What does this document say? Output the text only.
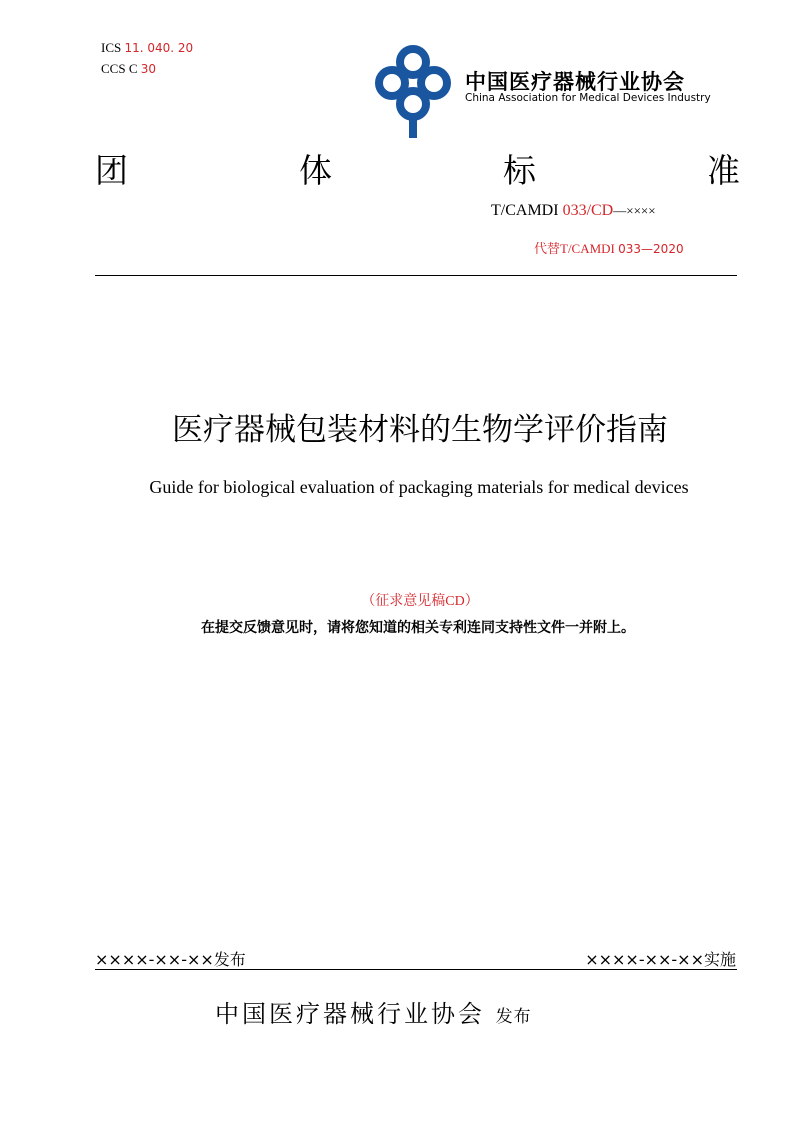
ICS 11. 040. 20
CCS C 30
中国医疗器械行业协会
China Association for Medical Devices Industry
团	体	标	准
T/CAMDI 033/CD—××××
代替T/CAMDI 033—2020
医疗器械包装材料的生物学评价指南
Guide for biological evaluation of packaging materials for medical devices
（征求意见稿CD）
在提交反馈意见时，请将您知道的相关专利连同支持性文件一并附上。
××××-××-××发布	××××-××-××实施
中国医疗器械行业协会 发布
